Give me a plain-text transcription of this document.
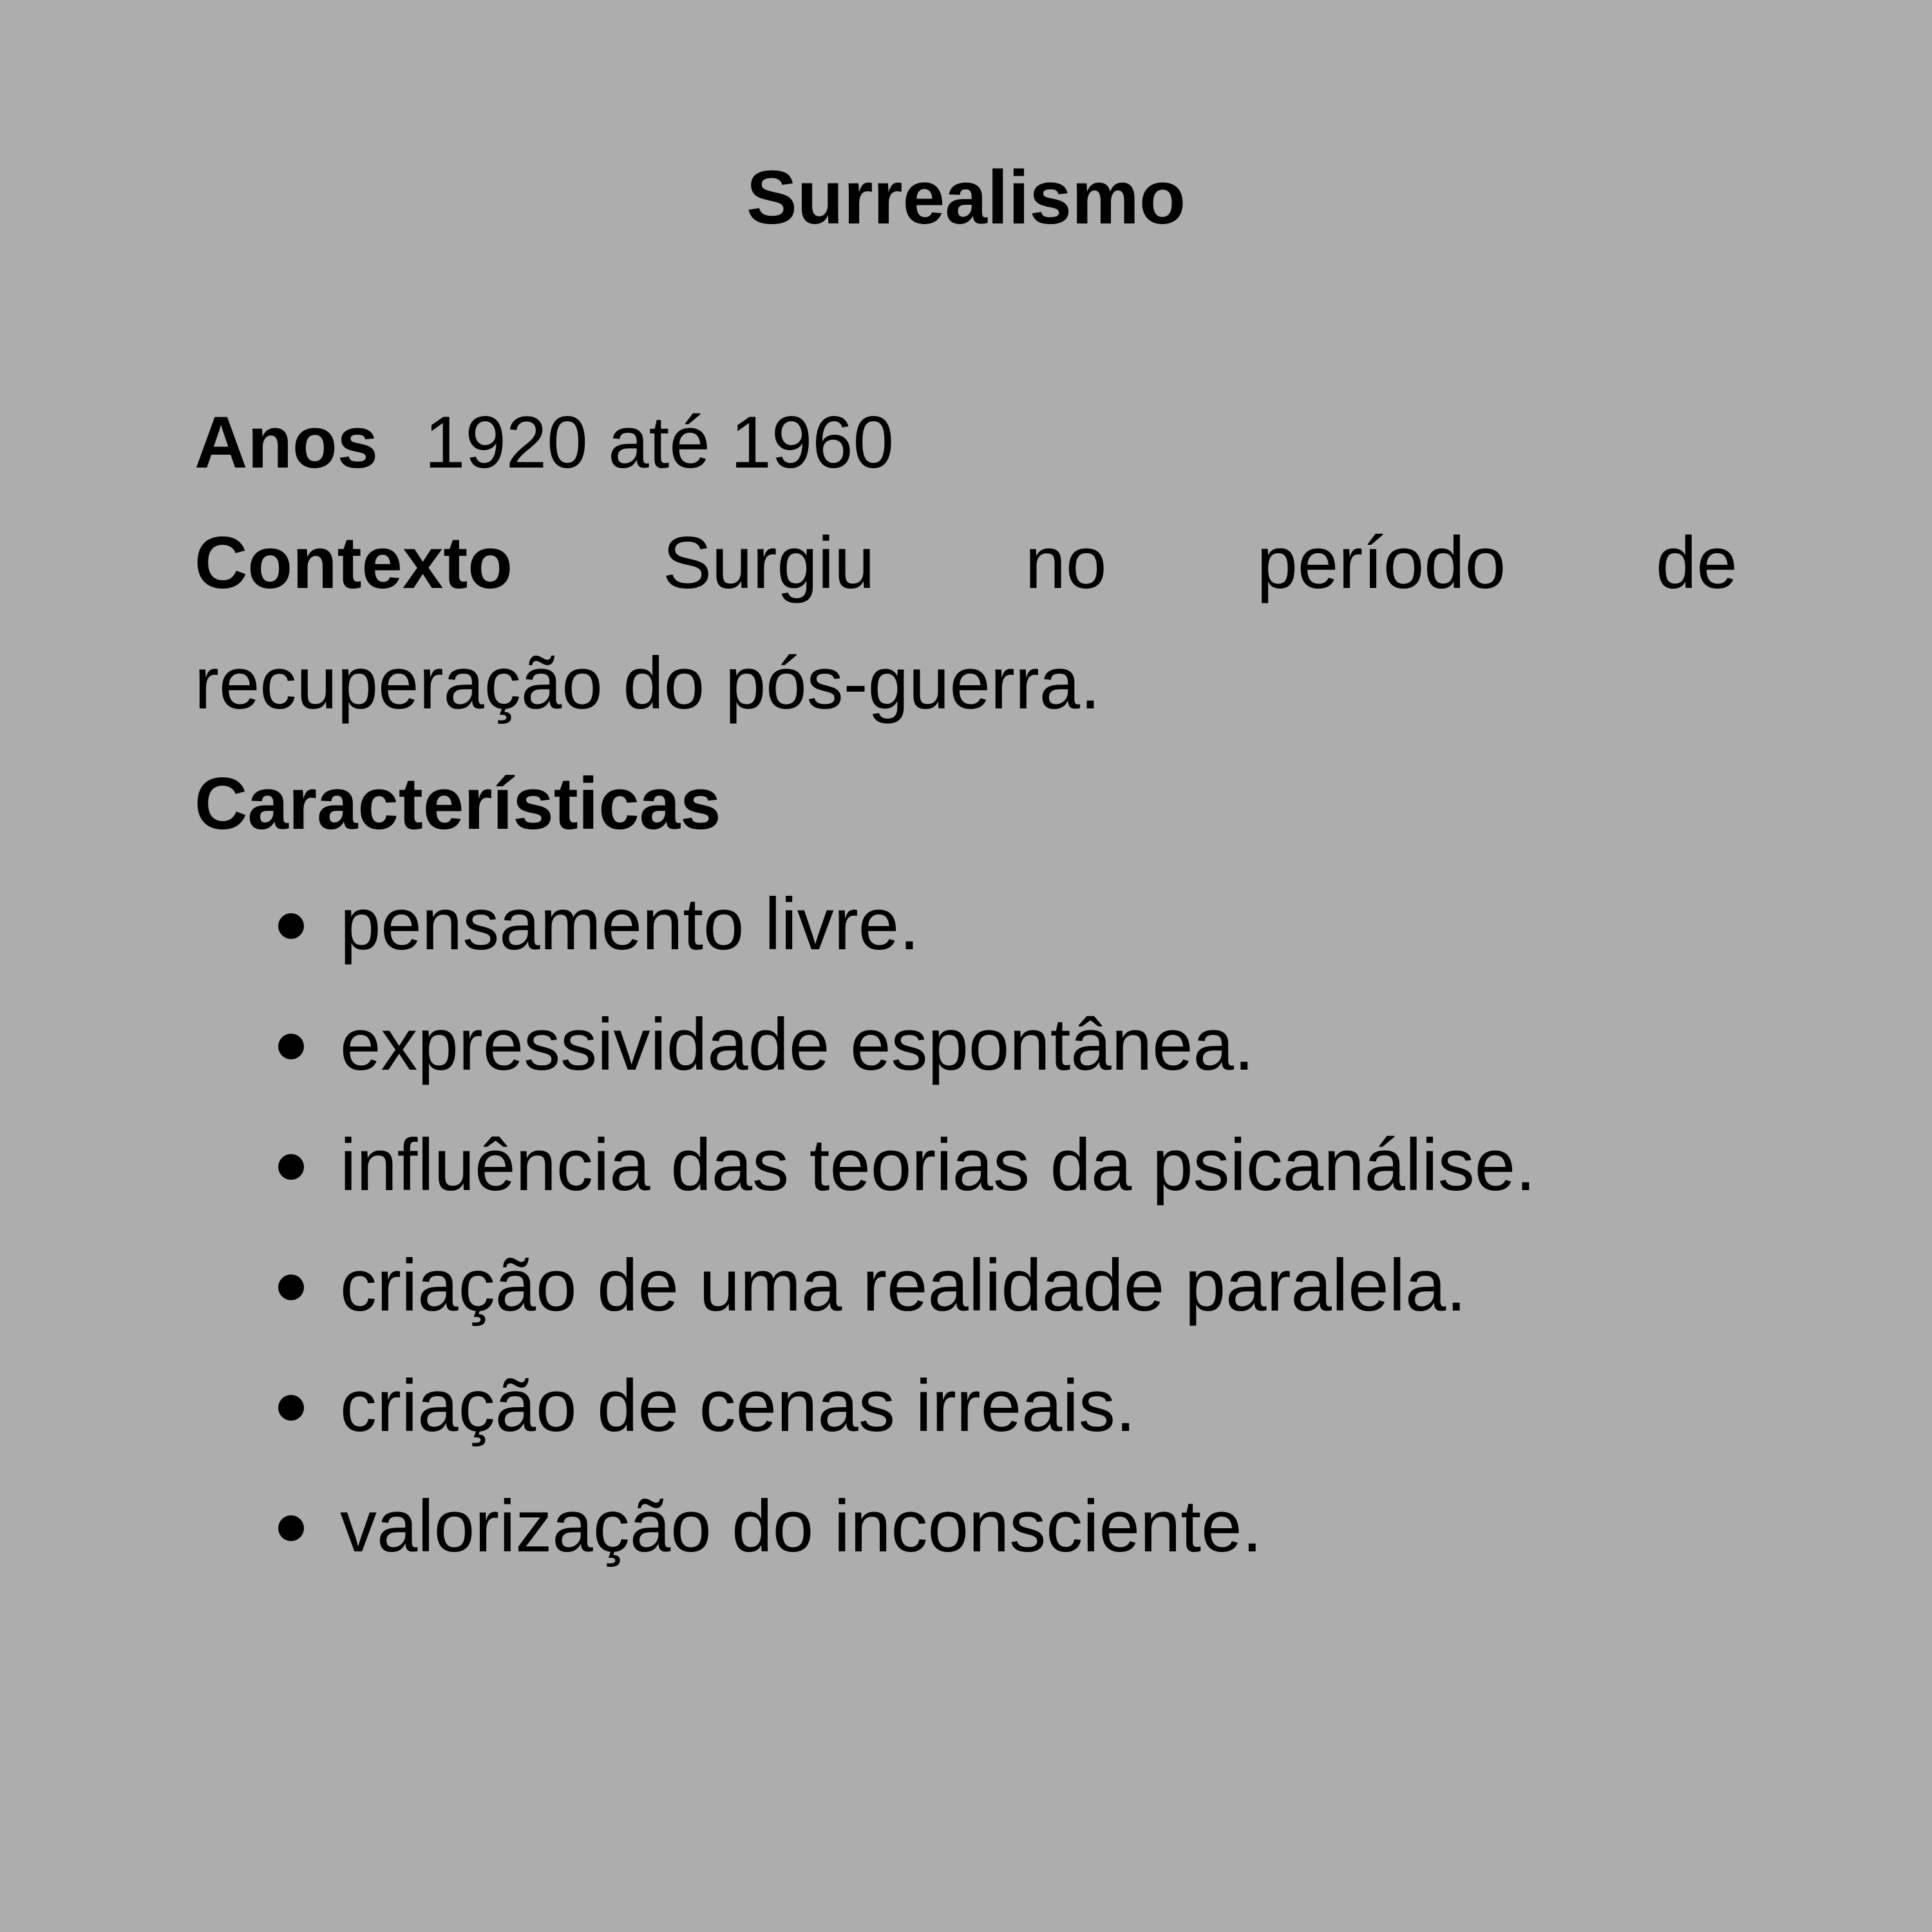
Surrealismo

Anos 1920 até 1960

Contexto Surgiu no período de

recuperação do pós-guerra.

Características

pensamento livre.
expressividade espontânea.
influência das teorias da psicanálise.
criação de uma realidade paralela.
criação de cenas irreais.
valorização do inconsciente.
